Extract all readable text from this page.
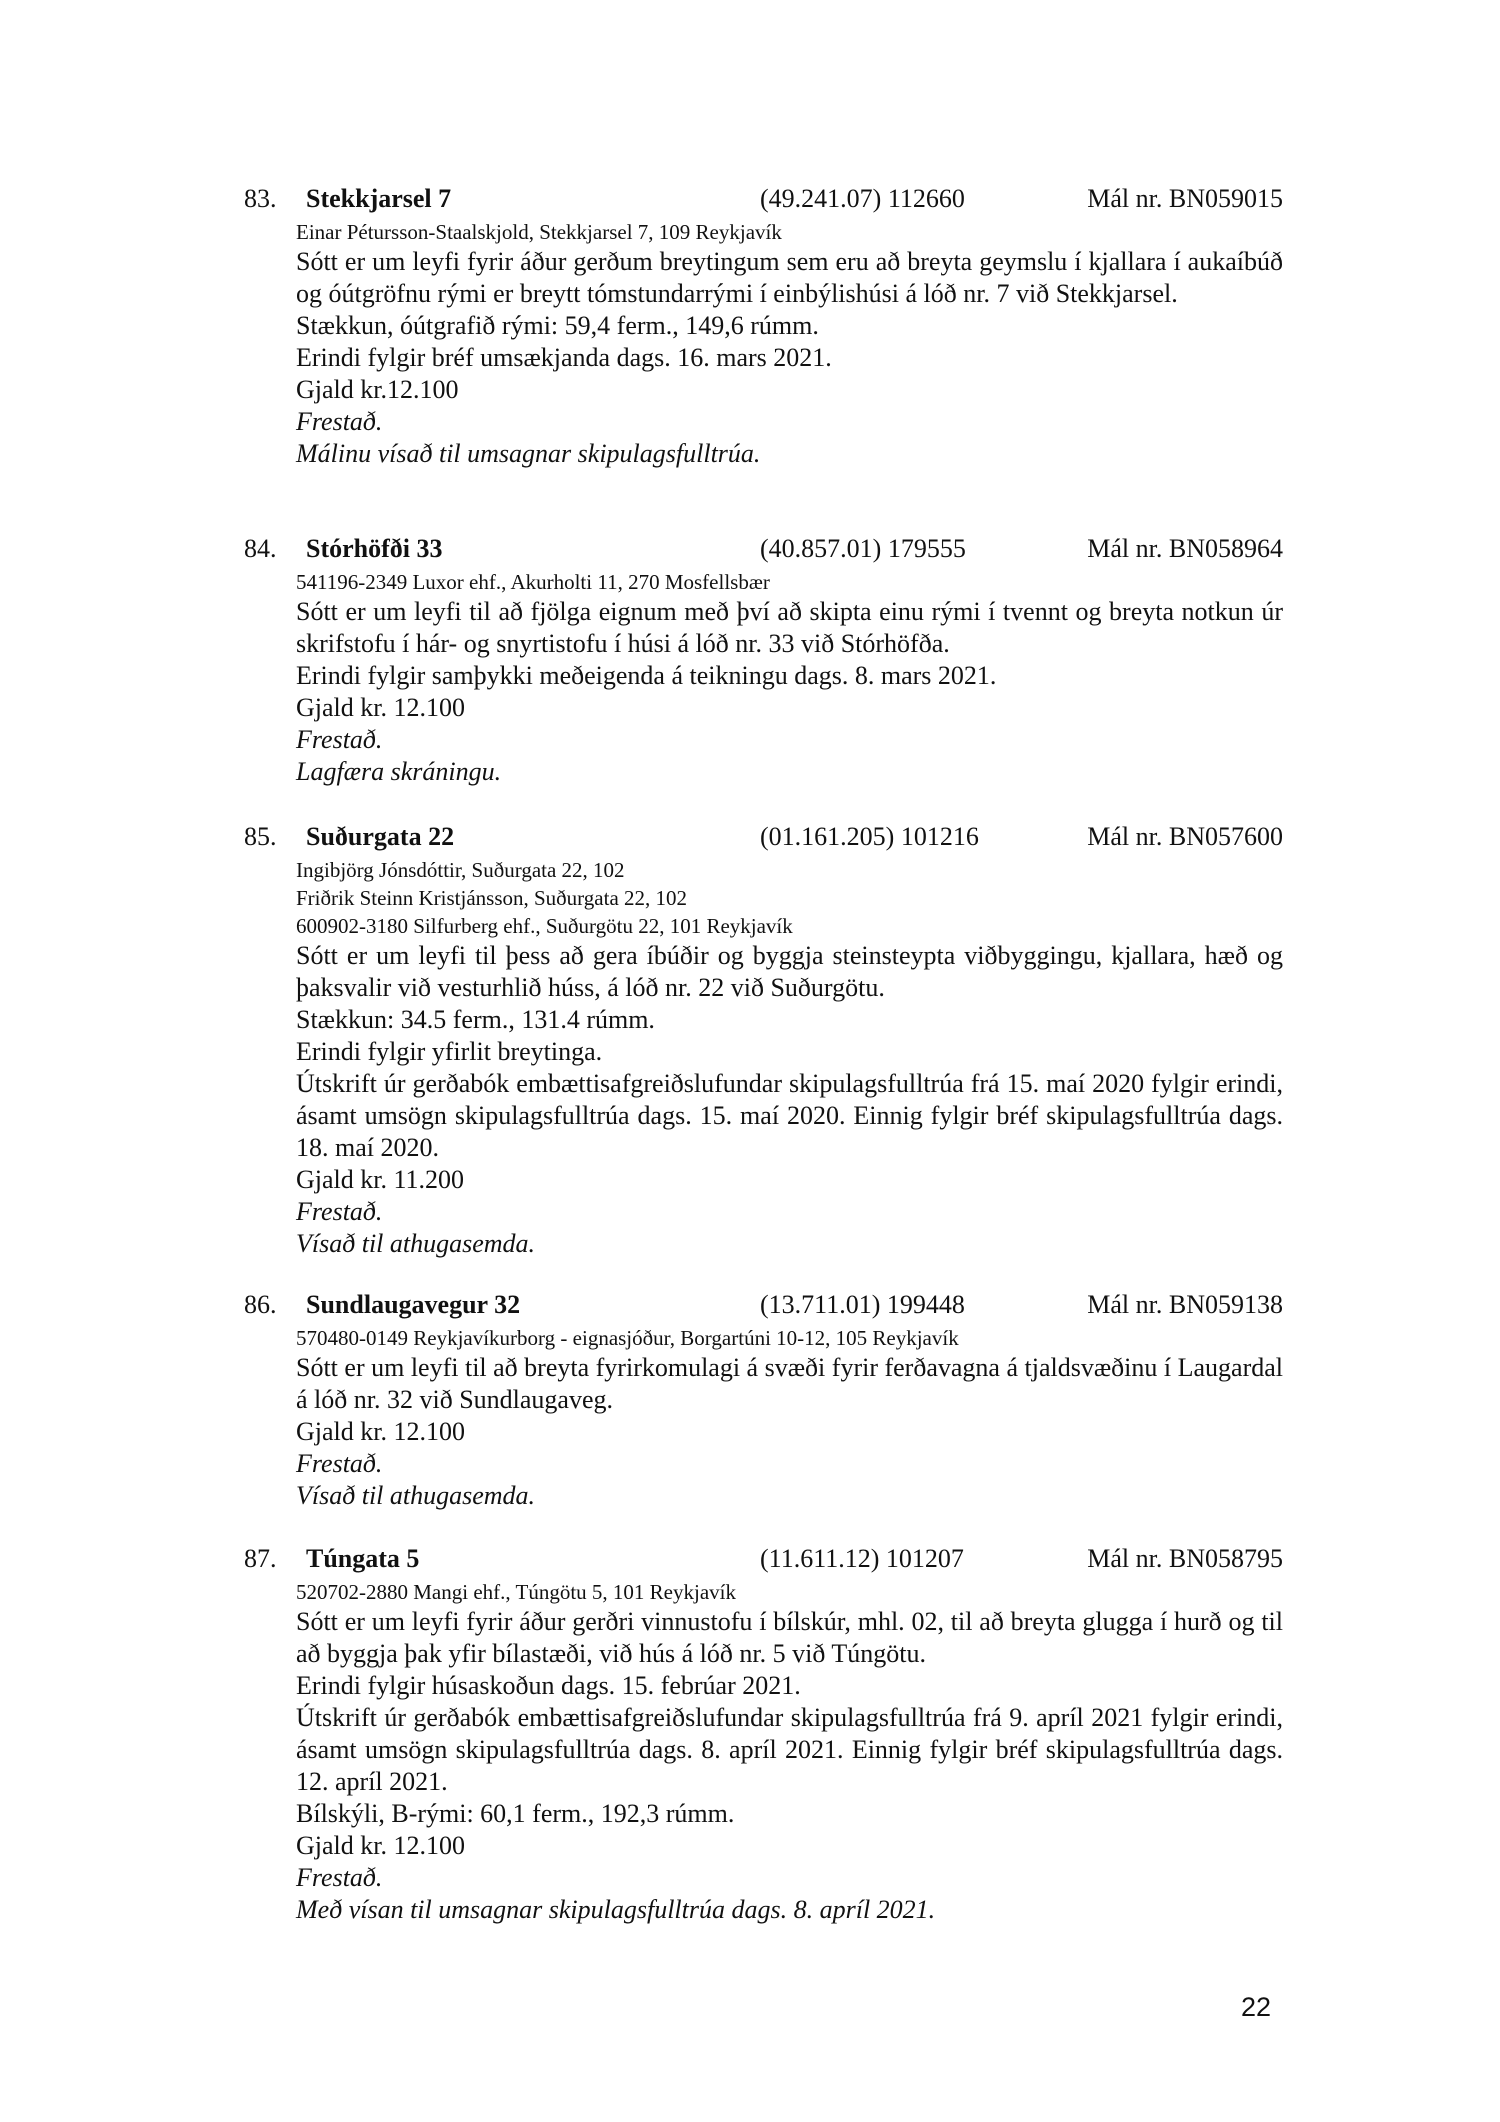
83. Stekkjarsel 7	(49.241.07) 112660	Mál nr. BN059015
Einar Pétursson-Staalskjold, Stekkjarsel 7, 109 Reykjavík
Sótt er um leyfi fyrir áður gerðum breytingum sem eru að breyta geymslu í kjallara í aukaíbúð og óútgröfnu rými er breytt tómstundarrými í einbýlishúsi á lóð nr. 7 við Stekkjarsel.
Stækkun, óútgrafið rými: 59,4 ferm., 149,6 rúmm.
Erindi fylgir bréf umsækjanda dags. 16. mars 2021.
Gjald kr.12.100
Frestað.
Málinu vísað til umsagnar skipulagsfulltrúa.
84. Stórhöfði 33	(40.857.01) 179555	Mál nr. BN058964
541196-2349 Luxor ehf., Akurholti 11, 270 Mosfellsbær
Sótt er um leyfi til að fjölga eignum með því að skipta einu rými í tvennt og breyta notkun úr skrifstofu í hár- og snyrtistofu í húsi á lóð nr. 33 við Stórhöfða.
Erindi fylgir samþykki meðeigenda á teikningu dags. 8. mars 2021.
Gjald kr. 12.100
Frestað.
Lagfæra skráningu.
85. Suðurgata 22	(01.161.205) 101216	Mál nr. BN057600
Ingibjörg Jónsdóttir, Suðurgata 22, 102
Friðrik Steinn Kristjánsson, Suðurgata 22, 102
600902-3180 Silfurberg ehf., Suðurgötu 22, 101 Reykjavík
Sótt er um leyfi til þess að gera íbúðir og byggja steinsteypta viðbyggingu, kjallara, hæð og þaksvalir við vesturhlið húss, á lóð nr. 22 við Suðurgötu.
Stækkun: 34.5 ferm., 131.4 rúmm.
Erindi fylgir yfirlit breytinga.
Útskrift úr gerðabók embættisafgreiðslufundar skipulagsfulltrúa frá 15. maí 2020 fylgir erindi, ásamt umsögn skipulagsfulltrúa dags. 15. maí 2020. Einnig fylgir bréf skipulagsfulltrúa dags. 18. maí 2020.
Gjald kr. 11.200
Frestað.
Vísað til athugasemda.
86. Sundlaugavegur 32	(13.711.01) 199448	Mál nr. BN059138
570480-0149 Reykjavíkurborg - eignasjóður, Borgartúni 10-12, 105 Reykjavík
Sótt er um leyfi til að breyta fyrirkomulagi á svæði fyrir ferðavagna á tjaldsvæðinu í Laugardal á lóð nr. 32 við Sundlaugaveg.
Gjald kr. 12.100
Frestað.
Vísað til athugasemda.
87. Túngata 5	(11.611.12) 101207	Mál nr. BN058795
520702-2880 Mangi ehf., Túngötu 5, 101 Reykjavík
Sótt er um leyfi fyrir áður gerðri vinnustofu í bílskúr, mhl. 02, til að breyta glugga í hurð og til að byggja þak yfir bílastæði, við hús á lóð nr. 5 við Túngötu.
Erindi fylgir húsaskoðun dags. 15. febrúar 2021.
Útskrift úr gerðabók embættisafgreiðslufundar skipulagsfulltrúa frá 9. apríl 2021 fylgir erindi, ásamt umsögn skipulagsfulltrúa dags. 8. apríl 2021. Einnig fylgir bréf skipulagsfulltrúa dags. 12. apríl 2021.
Bílskýli, B-rými: 60,1 ferm., 192,3 rúmm.
Gjald kr. 12.100
Frestað.
Með vísan til umsagnar skipulagsfulltrúa dags. 8. apríl 2021.
22
